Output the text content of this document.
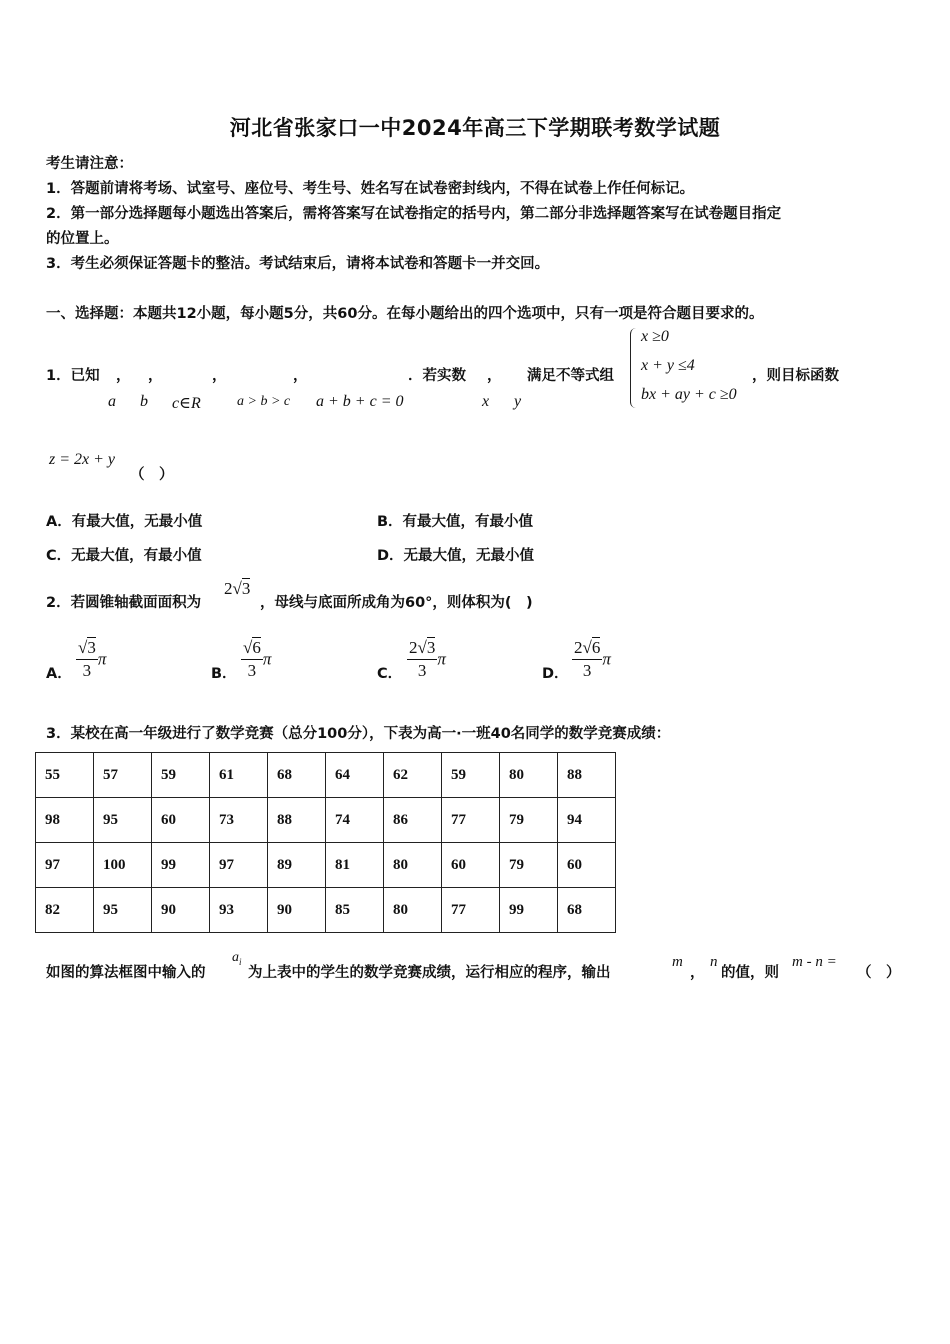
河北省张家口一中2024年高三下学期联考数学试题
考生请注意：
1．答题前请将考场、试室号、座位号、考生号、姓名写在试卷密封线内，不得在试卷上作任何标记。
2．第一部分选择题每小题选出答案后，需将答案写在试卷指定的括号内，第二部分非选择题答案写在试卷题目指定
的位置上。
3．考生必须保证答题卡的整洁。考试结束后，请将本试卷和答题卡一并交回。
一、选择题：本题共12小题，每小题5分，共60分。在每小题给出的四个选项中，只有一项是符合题目要求的。
1．已知 ， ，	，	，	．若实数 ， 满足不等式组
x ≥0
x + y ≤4
bx + ay + c ≥0
，则目标函数
a b c∈R	a > b > c a + b + c = 0	x y
z = 2x + y
（　）
A．有最大值，无最小值	B．有最大值，有最小值
C．无最大值，有最小值	D．无最大值，无最小值
2．若圆锥轴截面面积为
2√3
，母线与底面所成角为60°，则体积为(　)
A． $\frac{√3}{3}$ π
B． $\frac{√6}{3}$ π
C． $\frac{2√3}{3}$ π
D． $\frac{2√6}{3}$ π
3．某校在高一年级进行了数学竞赛（总分100分），下表为高一·一班40名同学的数学竞赛成绩：
55	57	59	61	68	64	62	59	80	88
98	95	60	73	88	74	86	77	79	94
97	100	99	97	89	81	80	60	79	60
82	95	90	93	90	85	80	77	99	68
如图的算法框图中输入的
$a_i$
为上表中的学生的数学竞赛成绩，运行相应的程序，输出
m
，
n
的值，则
m - n =
（　）
